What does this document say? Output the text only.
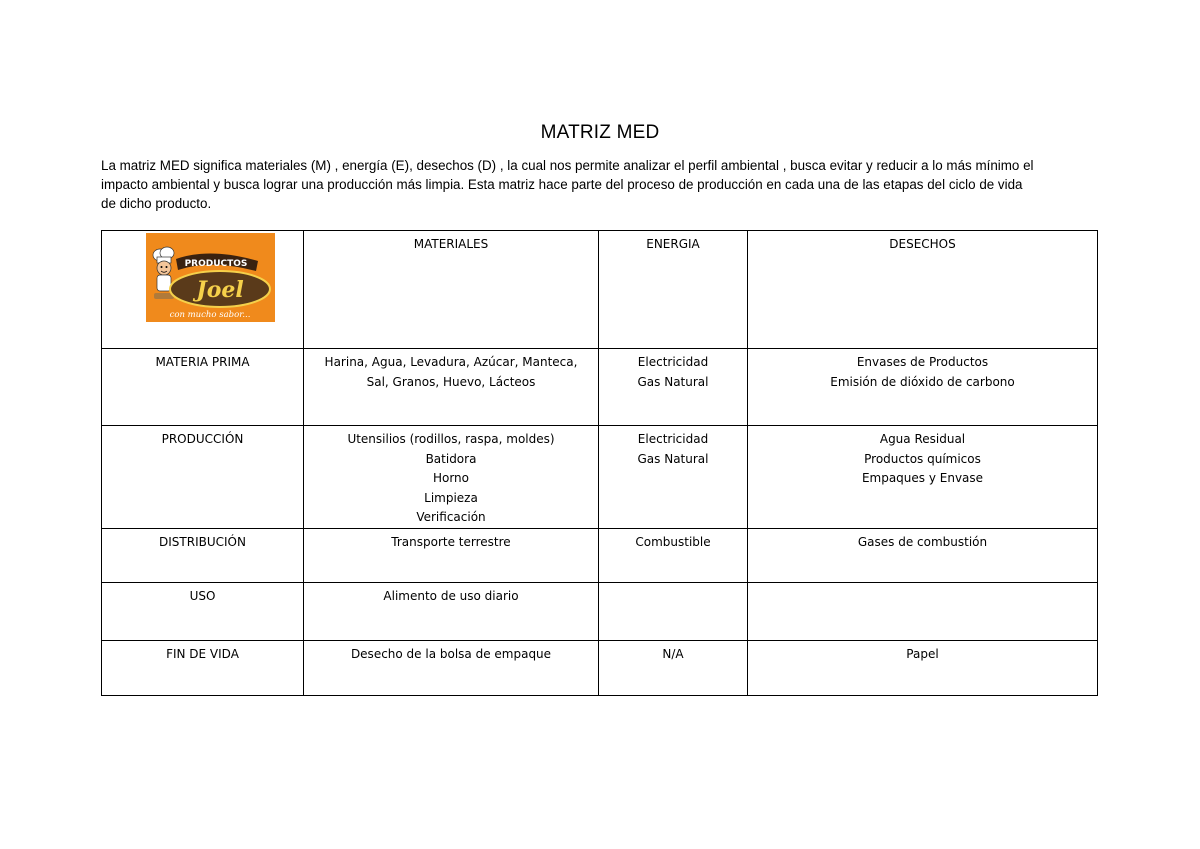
MATRIZ MED

La matriz MED significa materiales (M) , energía (E), desechos (D) , la cual nos permite analizar el perfil ambiental , busca evitar y reducir a lo más mínimo el

impacto ambiental y busca lograr una producción más limpia. Esta matriz hace parte del proceso de producción en cada una de las etapas del ciclo de vida

de dicho producto.

PRODUCTOS
Joel
con mucho sabor...	MATERIALES	ENERGIA	DESECHOS
MATERIA PRIMA	Harina, Agua, Levadura, Azúcar, Manteca,
Sal, Granos, Huevo, Lácteos	Electricidad
Gas Natural	Envases de Productos
Emisión de dióxido de carbono

PRODUCCIÓN	Utensilios (rodillos, raspa, moldes)
Batidora
Horno
Limpieza
Verificación	Electricidad
Gas Natural	Agua Residual
Productos químicos
Empaques y Envase

DISTRIBUCIÓN	Transporte terrestre	Combustible	Gases de combustión

USO	Alimento de uso diario		

FIN DE VIDA	Desecho de la bolsa de empaque	N/A	Papel
